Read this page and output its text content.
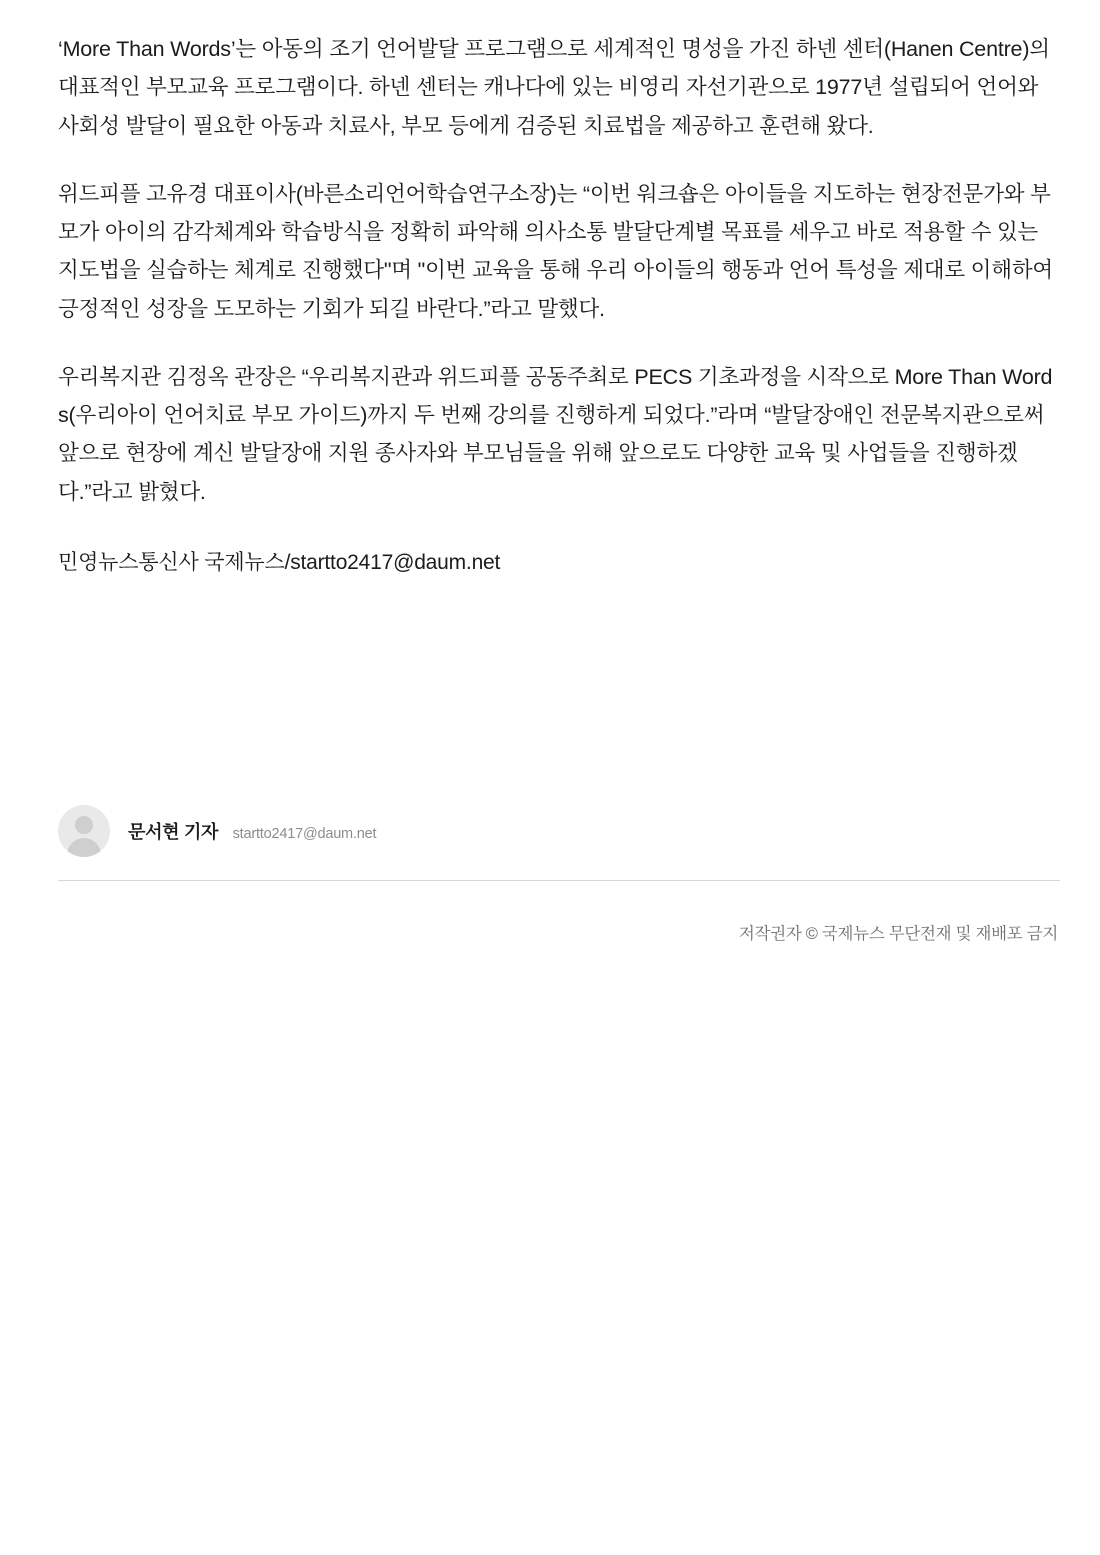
‘More Than Words’는 아동의 조기 언어발달 프로그램으로 세계적인 명성을 가진 하넨 센터(Hanen Centre)의 대표적인 부모교육 프로그램이다. 하넨 센터는 캐나다에 있는 비영리 자선기관으로 1977년 설립되어 언어와 사회성 발달이 필요한 아동과 치료사, 부모 등에게 검증된 치료법을 제공하고 훈련해 왔다.

위드피플 고유경 대표이사(바른소리언어학습연구소장)는 “이번 워크숍은 아이들을 지도하는 현장전문가와 부모가 아이의 감각체계와 학습방식을 정확히 파악해 의사소통 발달단계별 목표를 세우고 바로 적용할 수 있는 지도법을 실습하는 체계로 진행했다"며 "이번 교육을 통해 우리 아이들의 행동과 언어 특성을 제대로 이해하여 긍정적인 성장을 도모하는 기회가 되길 바란다.”라고 말했다.

우리복지관 김정옥 관장은 “우리복지관과 위드피플 공동주최로 PECS 기초과정을 시작으로 More Than Words(우리아이 언어치료 부모 가이드)까지 두 번째 강의를 진행하게 되었다.”라며 “발달장애인 전문복지관으로써 앞으로 현장에 계신 발달장애 지원 종사자와 부모님들을 위해 앞으로도 다양한 교육 및 사업들을 진행하겠다.”라고 밝혔다.

민영뉴스통신사 국제뉴스/startto2417@daum.net

문서현 기자 startto2417@daum.net
저작권자 © 국제뉴스 무단전재 및 재배포 금지
